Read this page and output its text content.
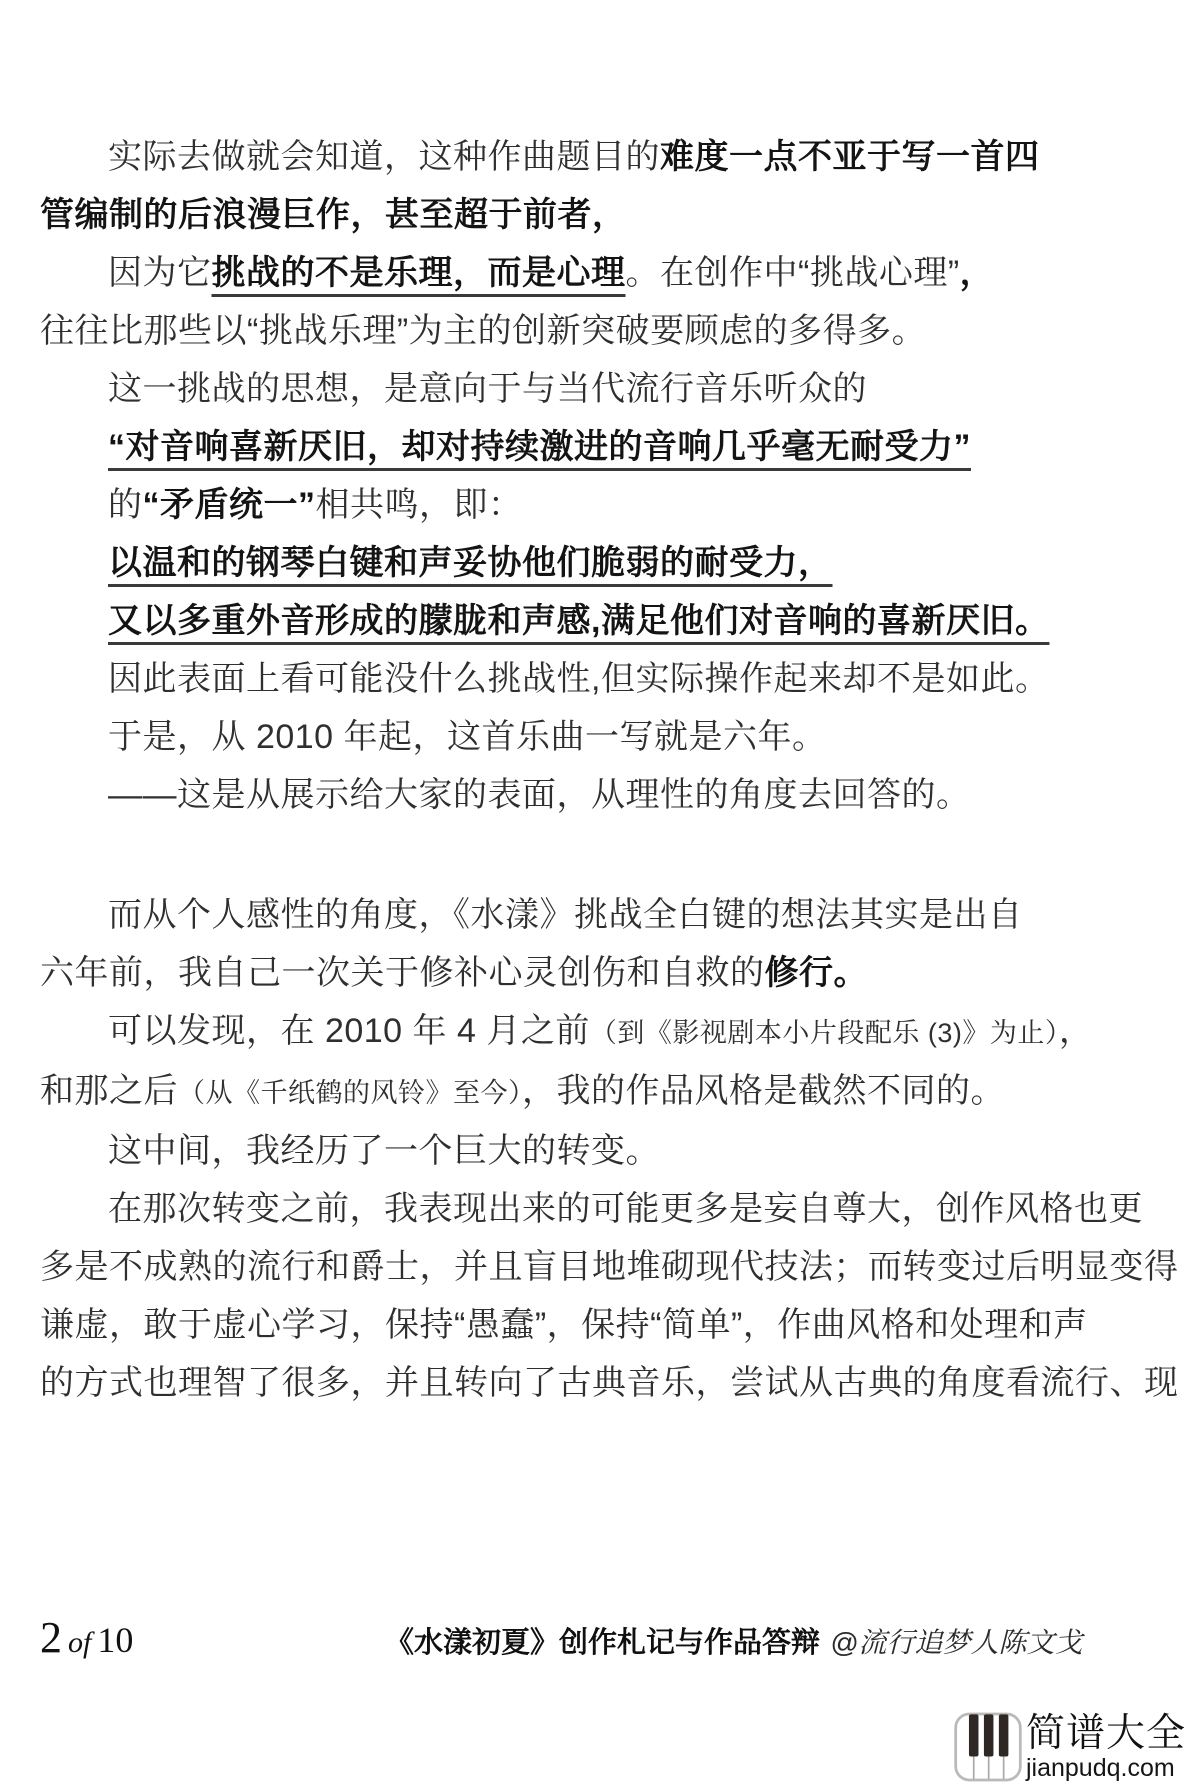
实际去做就会知道，这种作曲题目的难度一点不亚于写一首四
管编制的后浪漫巨作，甚至超于前者，
因为它挑战的不是乐理，而是心理。在创作中“挑战心理”，
往往比那些以“挑战乐理”为主的创新突破要顾虑的多得多。
这一挑战的思想，是意向于与当代流行音乐听众的
“对音响喜新厌旧，却对持续激进的音响几乎毫无耐受力”
的“矛盾统一”相共鸣，即：
以温和的钢琴白键和声妥协他们脆弱的耐受力，
又以多重外音形成的朦胧和声感,满足他们对音响的喜新厌旧。
因此表面上看可能没什么挑战性,但实际操作起来却不是如此。
于是，从 2010 年起，这首乐曲一写就是六年。
——这是从展示给大家的表面，从理性的角度去回答的。
而从个人感性的角度，《水漾》挑战全白键的想法其实是出自
六年前，我自己一次关于修补心灵创伤和自救的修行。
可以发现，在 2010 年 4 月之前（到《影视剧本小片段配乐 (3)》为止），
和那之后（从《千纸鹤的风铃》至今），我的作品风格是截然不同的。
这中间，我经历了一个巨大的转变。
在那次转变之前，我表现出来的可能更多是妄自尊大，创作风格也更
多是不成熟的流行和爵士，并且盲目地堆砌现代技法；而转变过后明显变得
谦虚，敢于虚心学习，保持“愚蠢”，保持“简单”，作曲风格和处理和声
的方式也理智了很多，并且转向了古典音乐，尝试从古典的角度看流行、现
2 of 10	《水漾初夏》创作札记与作品答辩 @流行追梦人陈文戈
简谱大全
jianpudq.com
